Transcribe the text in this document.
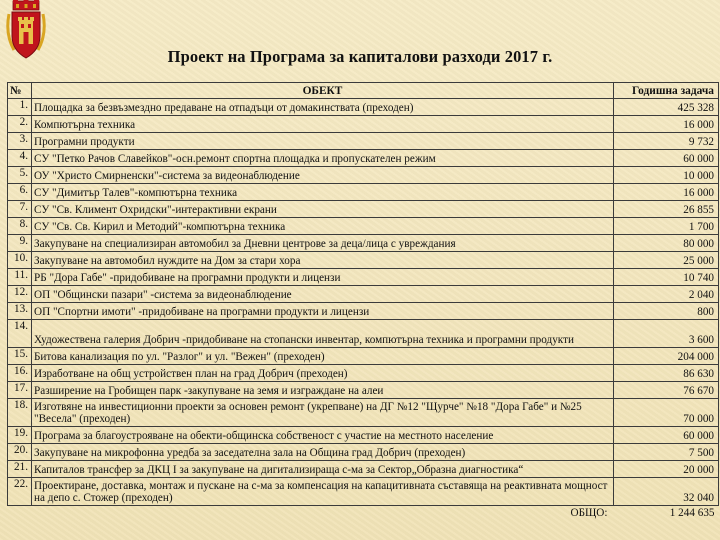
Проект на Програма за капиталови разходи 2017 г.
№	ОБЕКТ	Годишна задача
1.	Площадка за безвъзмездно предаване на отпадъци от домакинствата (преходен)	425 328
2.	Компютърна техника	16 000
3.	Програмни продукти	9 732
4.	СУ "Петко Рачов Славейков"-осн.ремонт спортна площадка и пропускателен режим	60 000
5.	ОУ "Христо Смирненски"-система за видеонаблюдение	10 000
6.	СУ "Димитър Талев"-компютърна техника	16 000
7.	СУ "Св. Климент Охридски"-интерактивни екрани	26 855
8.	СУ "Св. Св. Кирил и Методий"-компютърна техника	1 700
9.	Закупуване на специализиран автомобил за Дневни центрове за деца/лица с увреждания	80 000
10.	Закупуване на автомобил нуждите на Дом за стари хора	25 000
11.	РБ "Дора Габе" -придобиване на програмни продукти и лицензи	10 740
12.	ОП "Общински пазари" -система за видеонаблюдение	2 040
13.	ОП "Спортни имоти" -придобиване на програмни продукти и лицензи	800
14.	Художествена галерия Добрич -придобиване на стопански инвентар, компютърна техника и програмни продукти	3 600
15.	Битова канализация по ул. "Разлог" и ул. "Вежен" (преходен)	204 000
16.	Изработване на общ устройствен план на град Добрич (преходен)	86 630
17.	Разширение на Гробищен парк -закупуване на земя и изграждане на алеи	76 670
18.	Изготвяне на инвестиционни проекти за основен ремонт (укрепване) на ДГ №12 "Щурче" №18 "Дора Габе" и №25 "Весела" (преходен)	70 000
19.	Програма за благоустрояване на обекти-общинска собственост с участие на местното население	60 000
20.	Закупуване на микрофонна уредба за заседателна зала на Община град Добрич (преходен)	7 500
21.	Капиталов трансфер за ДКЦ I за закупуване на дигитализираща с-ма за Сектор„Образна диагностика“	20 000
22.	Проектиране, доставка, монтаж и пускане на с-ма за компенсация на капацитивната съставяща на реактивната мощност на депо с. Стожер (преходен)	32 040
	ОБЩО:	1 244 635
